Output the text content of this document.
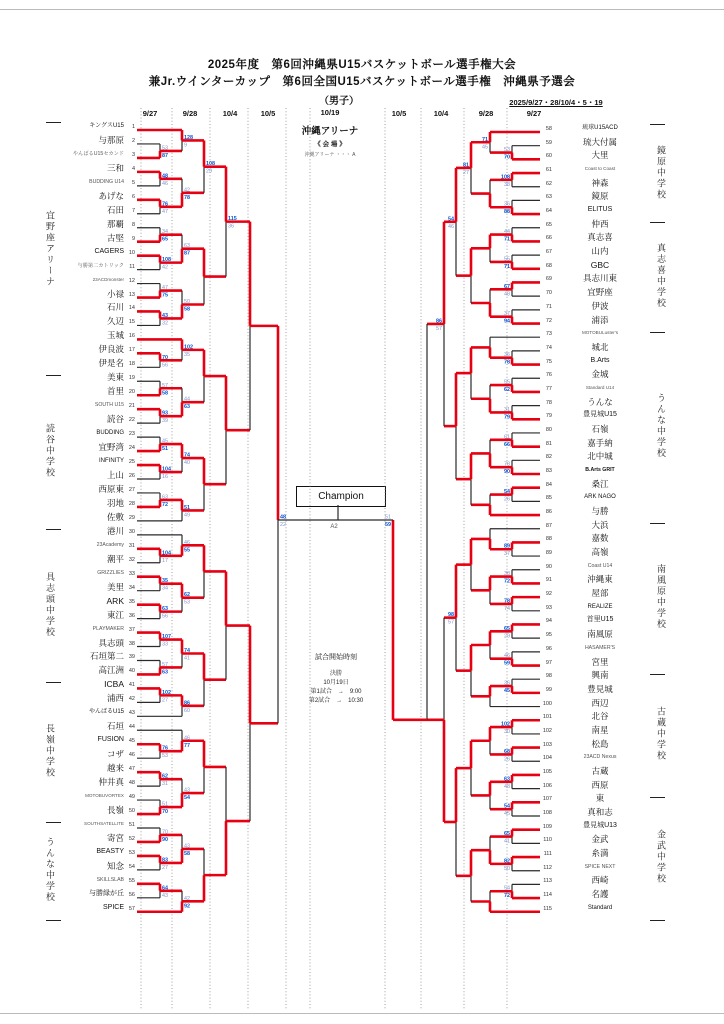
2025年度　第6回沖縄県U15バスケットボール選手権大会
兼Jr.ウインターカップ　第6回全国U15バスケットボール選手権　沖縄県予選会
（男子）	2025/9/27・28/10/4・5・19
10/19
沖縄アリーナ
《 会 場 》
沖縄アリーナ ・・・ A
Champion
A2
試合開始時刻
53
87
48
46
76
47
34
65
108
42
47
75
43
32
70
56
57
58
93
39
45
51
104
16
63
72
104
17
35
34
63
56
107
33
57
63
102
27
76
53
62
31
51
70
70
90
83
27
64
43
128
9
42
78
63
87
50
58
102
35
44
63
74
40
51
49
46
55
62
53
74
41
86
60
46
77
43
54
43
58
42
92
108
29
115
36
48
22
53
70
108
38
36
88
44
71
55
71
67
48
37
94
36
78
55
62
31
79
61
66
78
90
54
26
89
37
38
72
78
74
65
29
46
59
36
45
102
30
68
26
63
48
54
45
65
41
82
50
54
72
71
45
81
27
54
46
98
57
86
57
51
59
9/27	9/28	10/4	10/5	10/5	10/4	9/28	9/27
決勝
10月19日
第1試合　→　9:00
第2試合　→　10:30
キングスU15	1
与那原	2
やんばるU15セカンド	3
三和	4
BUDDING U14	5
あげな	6
石田	7
那覇	8
古堅	9
CAGERS 10
与勝第二カトリック 11
23ACDmonster 12
小禄 13
石川 14
久辺 15
玉城 16
伊良波 17
伊是名 18
美東 19
首里 20
SOUTH U15 21
読谷 22
BUDDING 23
宜野湾 24
INFINITY 25
上山 26
西原東 27
羽地 28
佐敷 29
港川 30
23Academy 31
潮平 32
GRIZZLIES 33
美里 34
ARK 35
東江 36
PLAYMAKER 37
具志頭 38
石垣第二 39
高江洲 40
ICBA 41
浦西 42
やんばるU15 43
石垣 44
FUSION 45
コザ 46
越来 47
仲井真 48
MOTOBUVORTEX 49
長嶺 50
SOUTHSATELLITE 51
寄宮 52
BEASTY 53
知念 54
SKILLSLAB 55
与勝緑が丘 56
SPICE 57
宜野座アリーナ
読谷中学校
具志頭中学校
長嶺中学校
うんな中学校
58	琉球U15ACD
59	琉大付属
60	大里
61	Coast to Coast
62	神森
63	鏡原
64	ELITUS
65	仲西
66	真志喜
67	山内
68	GBC
69	具志川東
70	宜野座
71	伊波
72	浦添
73	MOTOBULuster's
74	城北
75	B.Arts
76	金城
77	Standard U14
78	うんな
79	豊見城U15
80	石嶺
81	嘉手納
82	北中城
83	B.Arts GRIT
84	桑江
85	ARK NAGO
86	与勝
87	大浜
88	嘉数
89	高嶺
90	Coast U14
91	沖縄東
92	屋部
93	REALIZE
94	首里U15
95	南風原
96	HASAMER'S
97	宮里
98	興南
99	豊見城
100	西辺
101	北谷
102	南星
103	松島
104	23ACD Nexus
105	古蔵
106	西原
107	東
108	真和志
109	豊見城U13
110	金武
111	糸満
112	SPICE NEXT
113	西崎
114	名護
115	Standard
鏡原中学校
真志喜中学校
うんな中学校
南風原中学校
古蔵中学校
金武中学校
